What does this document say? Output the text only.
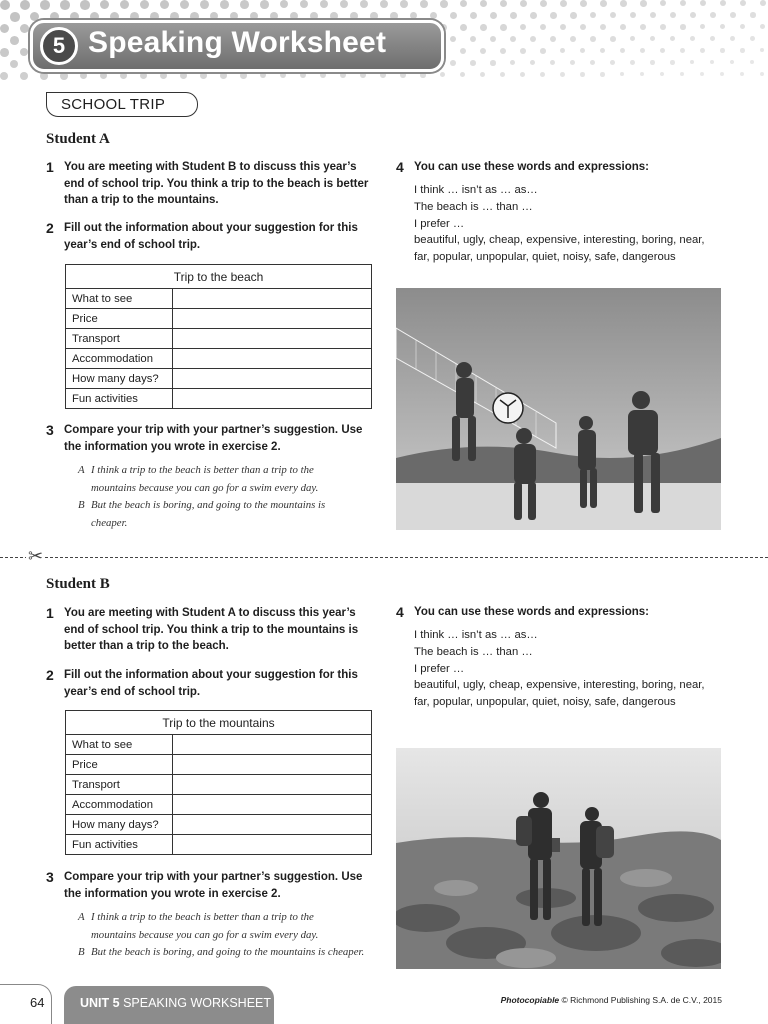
5 Speaking Worksheet
SCHOOL TRIP
Student A
1 You are meeting with Student B to discuss this year’s
end of school trip. You think a trip to the beach is better
than a trip to the mountains.
2 Fill out the information about your suggestion for this
year’s end of school trip.
Trip to the beach	
What to see	
Price	
Transport	
Accommodation	
How many days?	
Fun activities	
3 Compare your trip with your partner’s suggestion. Use
the information you wrote in exercise 2.
A I think a trip to the beach is better than a trip to the
mountains because you can go for a swim every day.
B But the beach is boring, and going to the mountains is
cheaper.
4 You can use these words and expressions:
I think … isn’t as … as…
The beach is … than …
I prefer …
beautiful, ugly, cheap, expensive, interesting, boring, near,
far, popular, unpopular, quiet, noisy, safe, dangerous
✂
Student B
1 You are meeting with Student A to discuss this year’s
end of school trip. You think a trip to the mountains is
better than a trip to the beach.
2 Fill out the information about your suggestion for this
year’s end of school trip.
Trip to the mountains	
What to see	
Price	
Transport	
Accommodation	
How many days?	
Fun activities	
3 Compare your trip with your partner’s suggestion. Use
the information you wrote in exercise 2.
A I think a trip to the beach is better than a trip to the
mountains because you can go for a swim every day.
B But the beach is boring, and going to the mountains is cheaper.
4 You can use these words and expressions:
I think … isn’t as … as…
The beach is … than …
I prefer …
beautiful, ugly, cheap, expensive, interesting, boring, near,
far, popular, unpopular, quiet, noisy, safe, dangerous
64	UNIT 5 SPEAKING WORKSHEET	Photocopiable © Richmond Publishing S.A. de C.V., 2015
